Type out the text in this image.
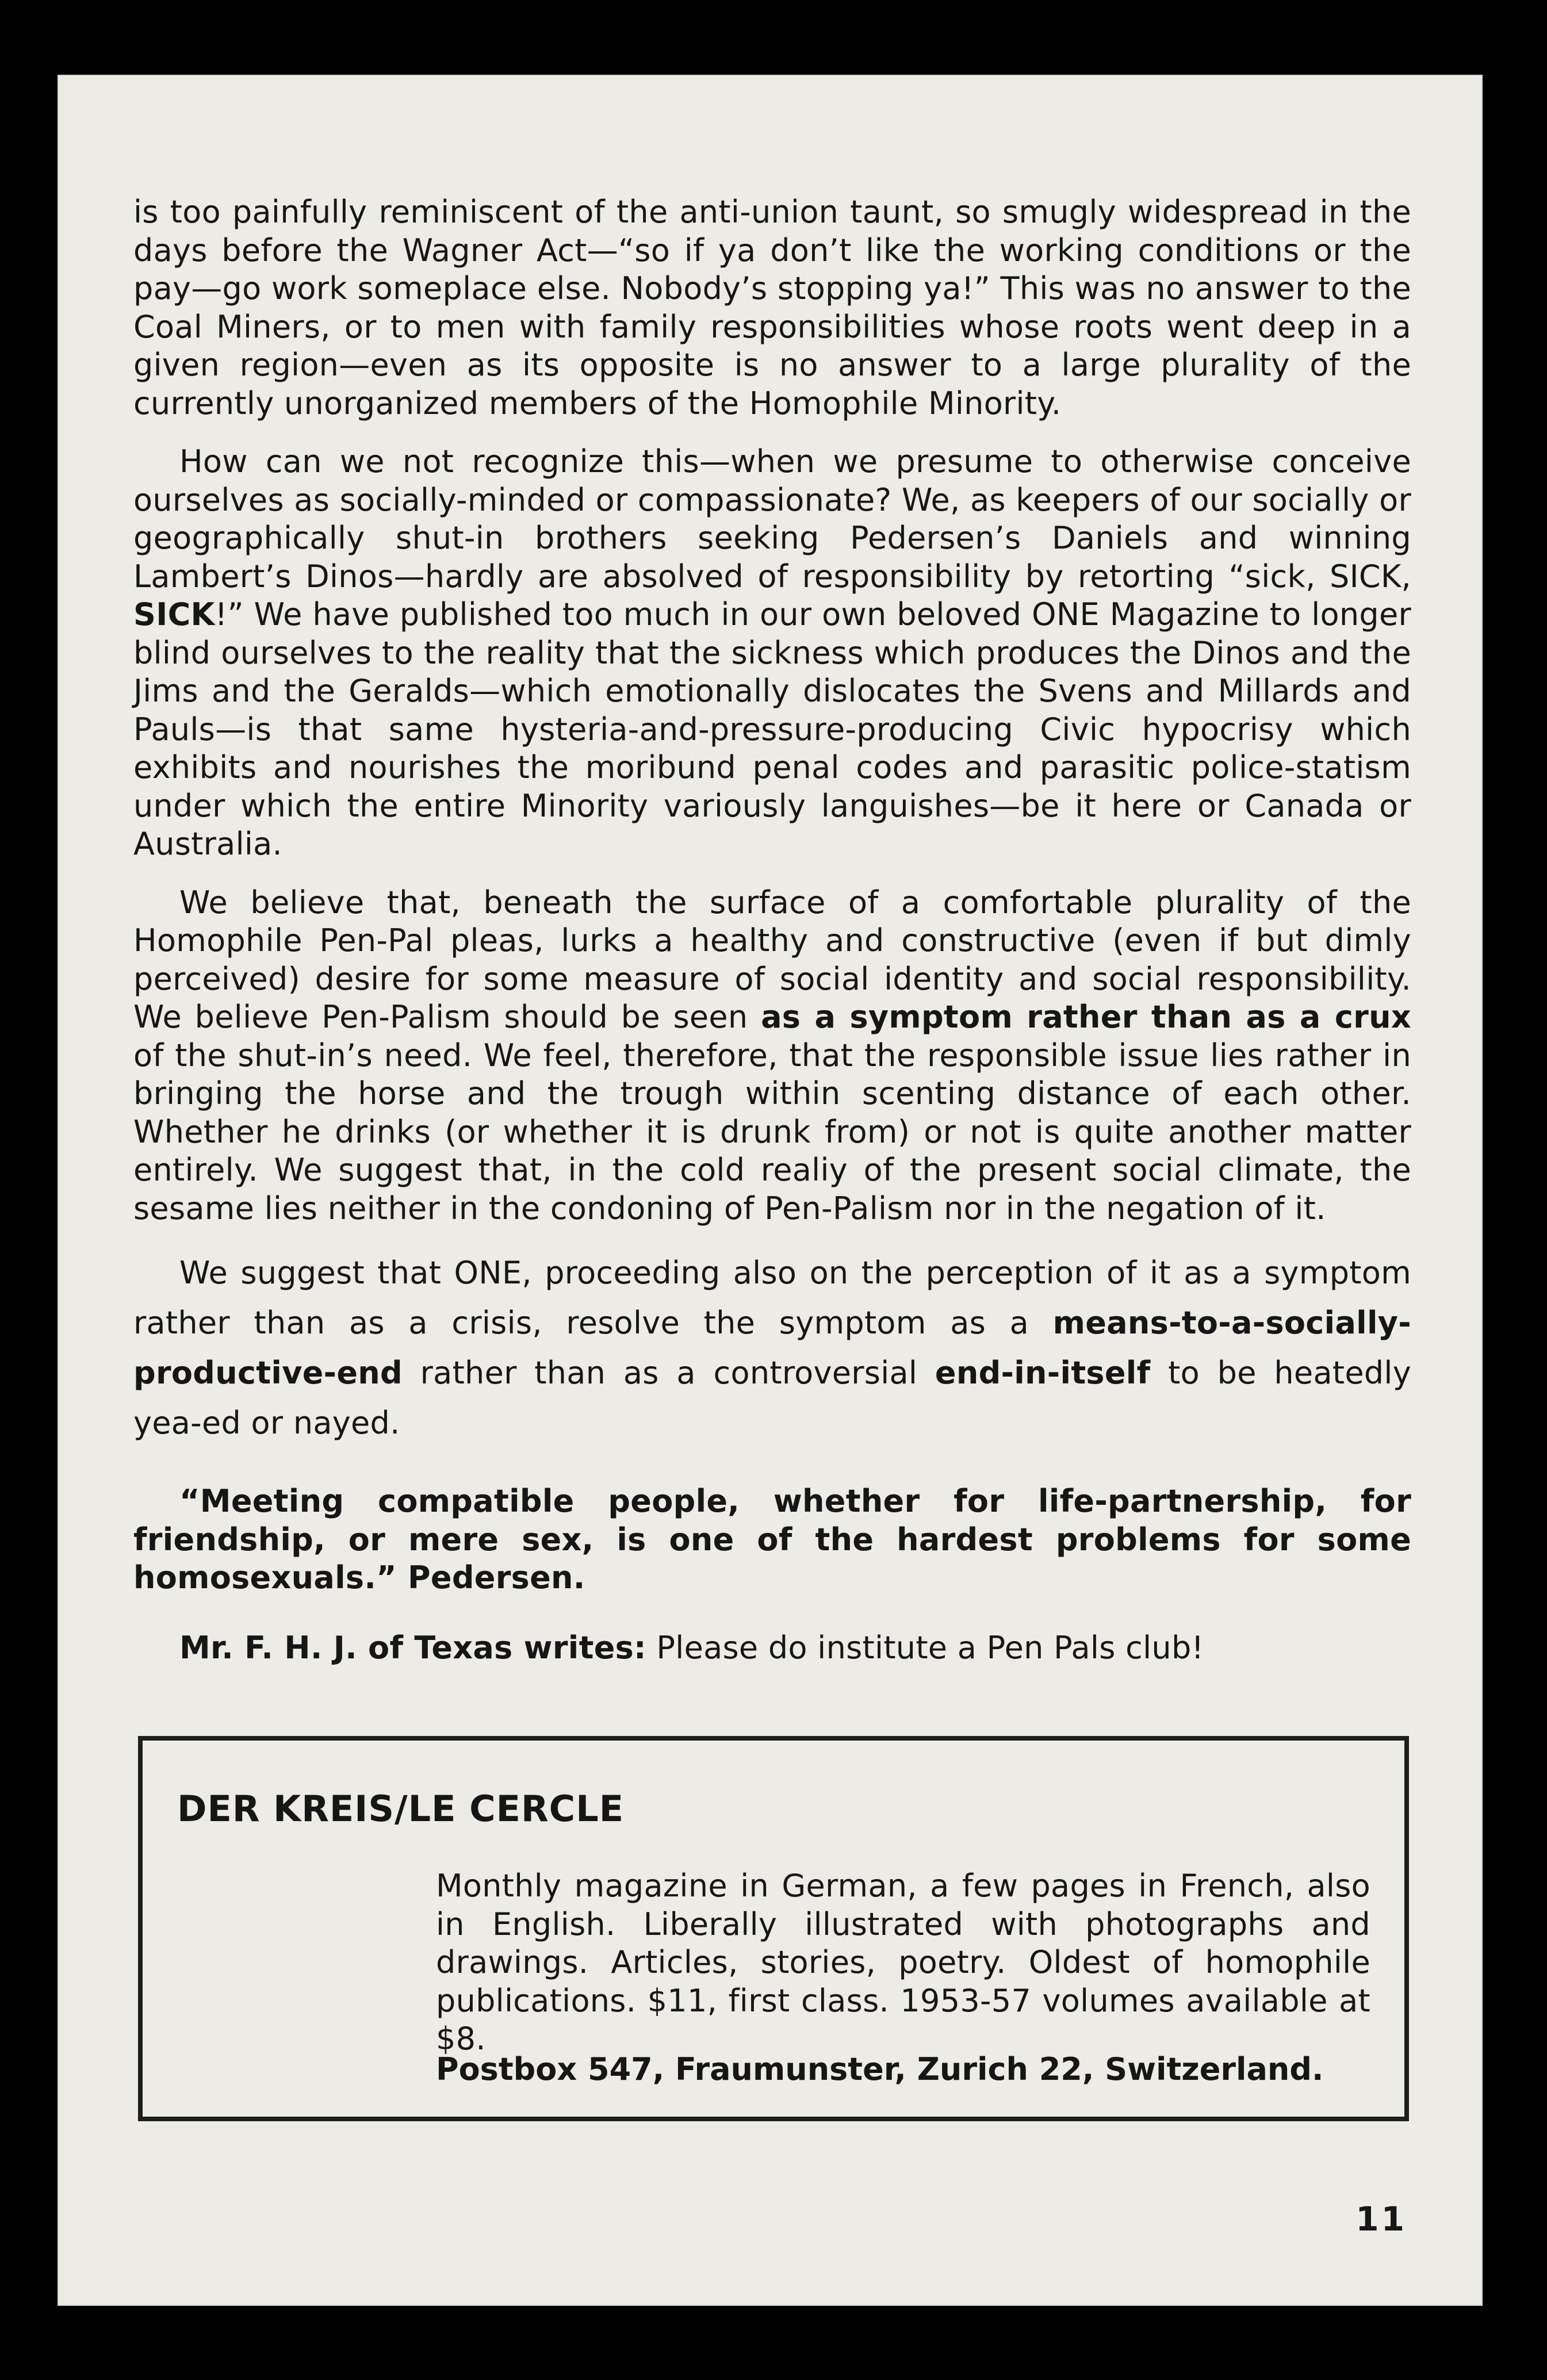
is too painfully reminiscent of the anti-union taunt, so smugly widespread in the days before the Wagner Act—“so if ya don’t like the working conditions or the pay—go work someplace else. Nobody’s stopping ya!” This was no answer to the Coal Miners, or to men with family responsibilities whose roots went deep in a given region—even as its opposite is no answer to a large plurality of the currently unorganized members of the Homophile Minority.

How can we not recognize this—when we presume to otherwise conceive ourselves as socially-minded or compassionate? We, as keepers of our socially or geographically shut-in brothers seeking Pedersen’s Daniels and winning Lambert’s Dinos—hardly are absolved of responsibility by retorting “sick, SICK, SICK!” We have published too much in our own beloved ONE Magazine to longer blind ourselves to the reality that the sickness which produces the Dinos and the Jims and the Geralds—which emotionally dislocates the Svens and Millards and Pauls—is that same hysteria-and-pressure-producing Civic hypocrisy which exhibits and nourishes the moribund penal codes and parasitic police-statism under which the entire Minority variously languishes—be it here or Canada or Australia.

We believe that, beneath the surface of a comfortable plurality of the Homophile Pen-Pal pleas, lurks a healthy and constructive (even if but dimly perceived) desire for some measure of social identity and social responsibility. We believe Pen-Palism should be seen as a symptom rather than as a crux of the shut-in’s need. We feel, therefore, that the responsible issue lies rather in bringing the horse and the trough within scenting distance of each other. Whether he drinks (or whether it is drunk from) or not is quite another matter entirely. We suggest that, in the cold realiy of the present social climate, the sesame lies neither in the condoning of Pen-Palism nor in the negation of it.

We suggest that ONE, proceeding also on the perception of it as a symptom rather than as a crisis, resolve the symptom as a means-to-a-socially-productive-end rather than as a controversial end-in-itself to be heatedly yea-ed or nayed.

“Meeting compatible people, whether for life-partnership, for friendship, or mere sex, is one of the hardest problems for some homosexuals.” Pedersen.

Mr. F. H. J. of Texas writes: Please do institute a Pen Pals club!

DER KREIS/LE CERCLE

Monthly magazine in German, a few pages in French, also in English. Liberally illustrated with photographs and drawings. Articles, stories, poetry. Oldest of homophile publications. $11, first class. 1953-57 volumes available at $8.

Postbox 547, Fraumunster, Zurich 22, Switzerland.

11
